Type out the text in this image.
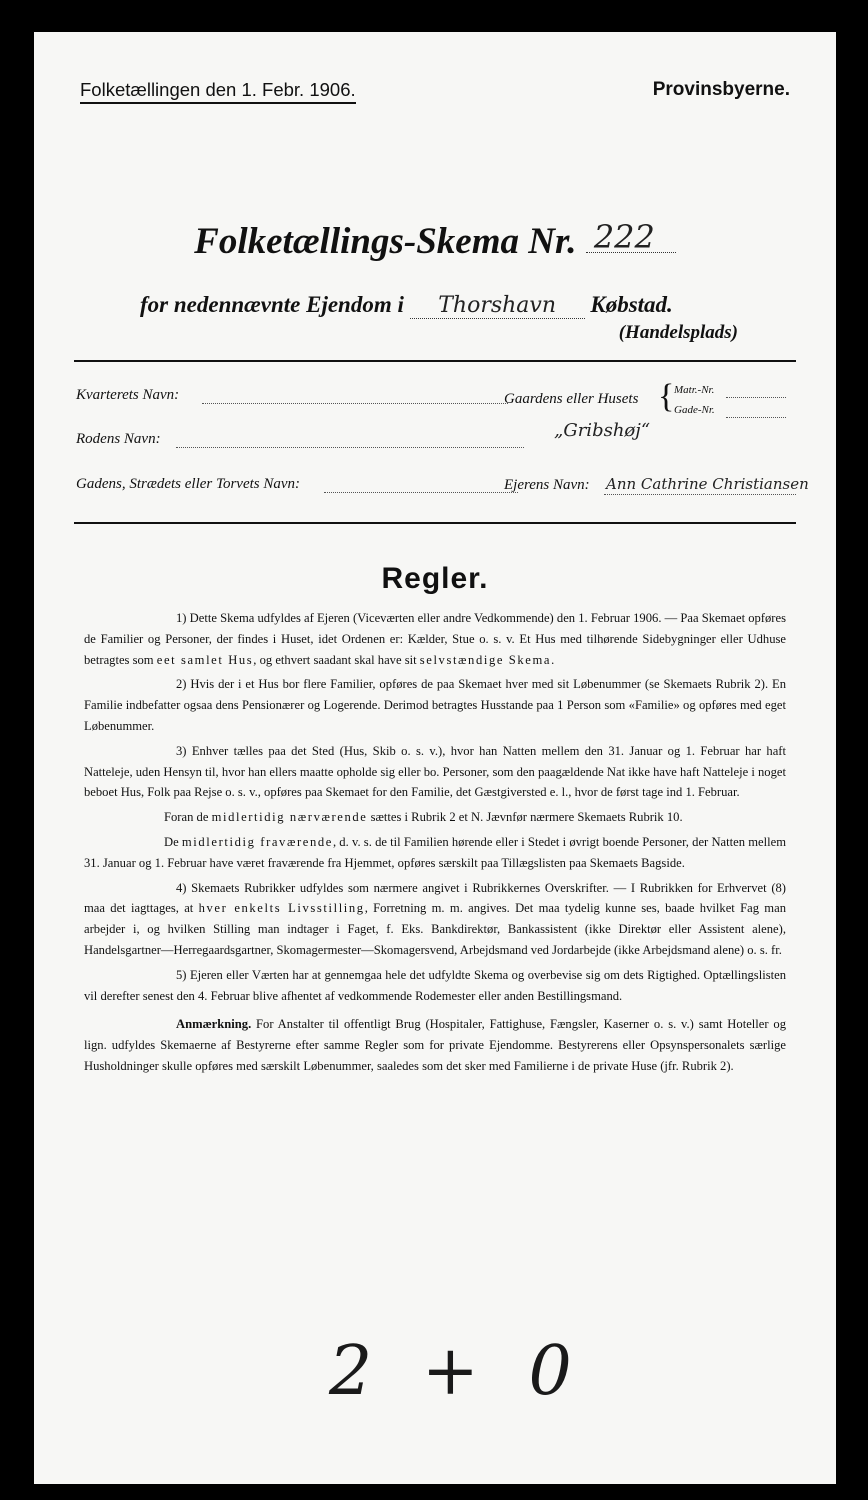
Folketællingen den 1. Febr. 1906.	Provinsbyerne.
Folketællings-Skema Nr. 222
for nedennævnte Ejendom i Thorshavn Købstad.
(Handelsplads)
Kvarterets Navn:
Rodens Navn:
Gadens, Strædets eller Torvets Navn:
Gaardens eller Husets { Matr.-Nr.
Gade-Nr.
„Gribshøj“
Ejerens Navn: Ann Cathrine Christiansen
Regler.

1) Dette Skema udfyldes af Ejeren (Viceværten eller andre Vedkommende) den 1. Februar 1906. — Paa Skemaet opføres de Familier og Personer, der findes i Huset, idet Ordenen er: Kælder, Stue o. s. v. Et Hus med tilhørende Sidebygninger eller Udhuse betragtes som eet samlet Hus, og ethvert saadant skal have sit selvstændige Skema.

2) Hvis der i et Hus bor flere Familier, opføres de paa Skemaet hver med sit Løbenummer (se Skemaets Rubrik 2). En Familie indbefatter ogsaa dens Pensionærer og Logerende. Derimod betragtes Husstande paa 1 Person som «Familie» og opføres med eget Løbenummer.

3) Enhver tælles paa det Sted (Hus, Skib o. s. v.), hvor han Natten mellem den 31. Januar og 1. Februar har haft Natteleje, uden Hensyn til, hvor han ellers maatte opholde sig eller bo. Personer, som den paagældende Nat ikke have haft Natteleje i noget beboet Hus, Folk paa Rejse o. s. v., opføres paa Skemaet for den Familie, det Gæstgiversted e. l., hvor de først tage ind 1. Februar.

Foran de midlertidig nærværende sættes i Rubrik 2 et N. Jævnfør nærmere Skemaets Rubrik 10.

De midlertidig fraværende, d. v. s. de til Familien hørende eller i Stedet i øvrigt boende Personer, der Natten mellem 31. Januar og 1. Februar have været fraværende fra Hjemmet, opføres særskilt paa Tillægslisten paa Skemaets Bagside.

4) Skemaets Rubrikker udfyldes som nærmere angivet i Rubrikkernes Overskrifter. — I Rubrikken for Erhvervet (8) maa det iagttages, at hver enkelts Livsstilling, Forretning m. m. angives. Det maa tydelig kunne ses, baade hvilket Fag man arbejder i, og hvilken Stilling man indtager i Faget, f. Eks. Bankdirektør, Bankassistent (ikke Direktør eller Assistent alene), Handelsgartner—Herregaardsgartner, Skomagermester—Skomagersvend, Arbejdsmand ved Jordarbejde (ikke Arbejdsmand alene) o. s. fr.

5) Ejeren eller Værten har at gennemgaa hele det udfyldte Skema og overbevise sig om dets Rigtighed. Optællingslisten vil derefter senest den 4. Februar blive afhentet af vedkommende Rodemester eller anden Bestillingsmand.

Anmærkning. For Anstalter til offentligt Brug (Hospitaler, Fattighuse, Fængsler, Kaserner o. s. v.) samt Hoteller og lign. udfyldes Skemaerne af Bestyrerne efter samme Regler som for private Ejendomme. Bestyrerens eller Opsynspersonalets særlige Husholdninger skulle opføres med særskilt Løbenummer, saaledes som det sker med Familierne i de private Huse (jfr. Rubrik 2).

2 + 0
